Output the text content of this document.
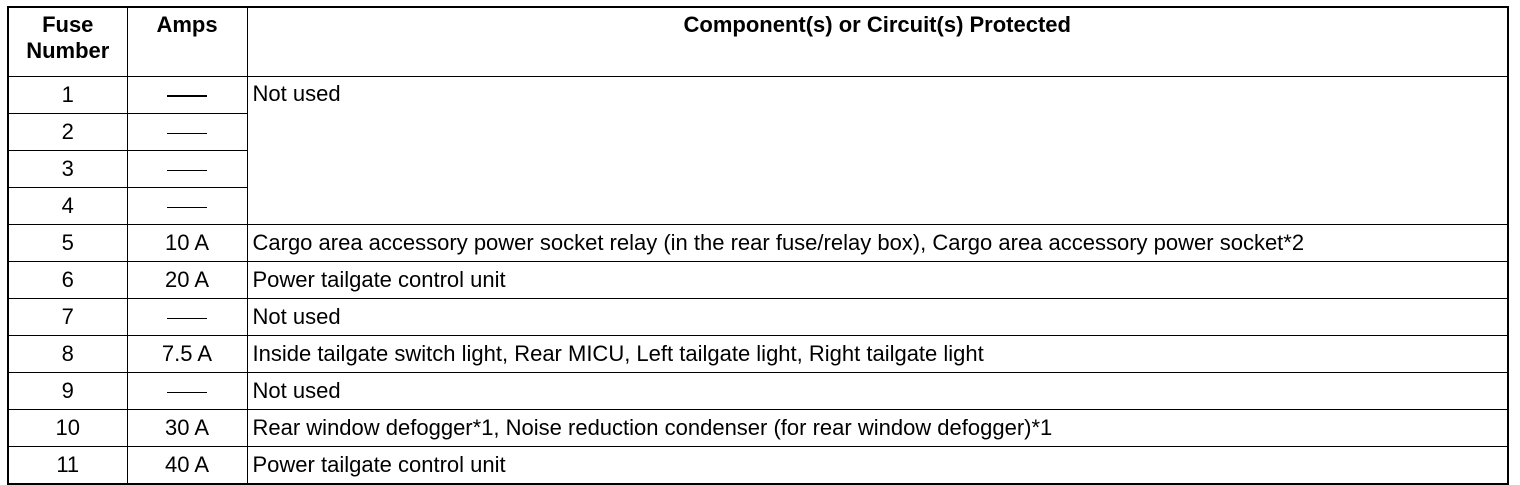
Fuse
Number	Amps	Component(s) or Circuit(s) Protected
1		Not used
2		
3		
4		
5	10 A	Cargo area accessory power socket relay (in the rear fuse/relay box), Cargo area accessory power socket*2
6	20 A	Power tailgate control unit
7		Not used
8	7.5 A	Inside tailgate switch light, Rear MICU, Left tailgate light, Right tailgate light
9		Not used
10	30 A	Rear window defogger*1, Noise reduction condenser (for rear window defogger)*1
11	40 A	Power tailgate control unit
